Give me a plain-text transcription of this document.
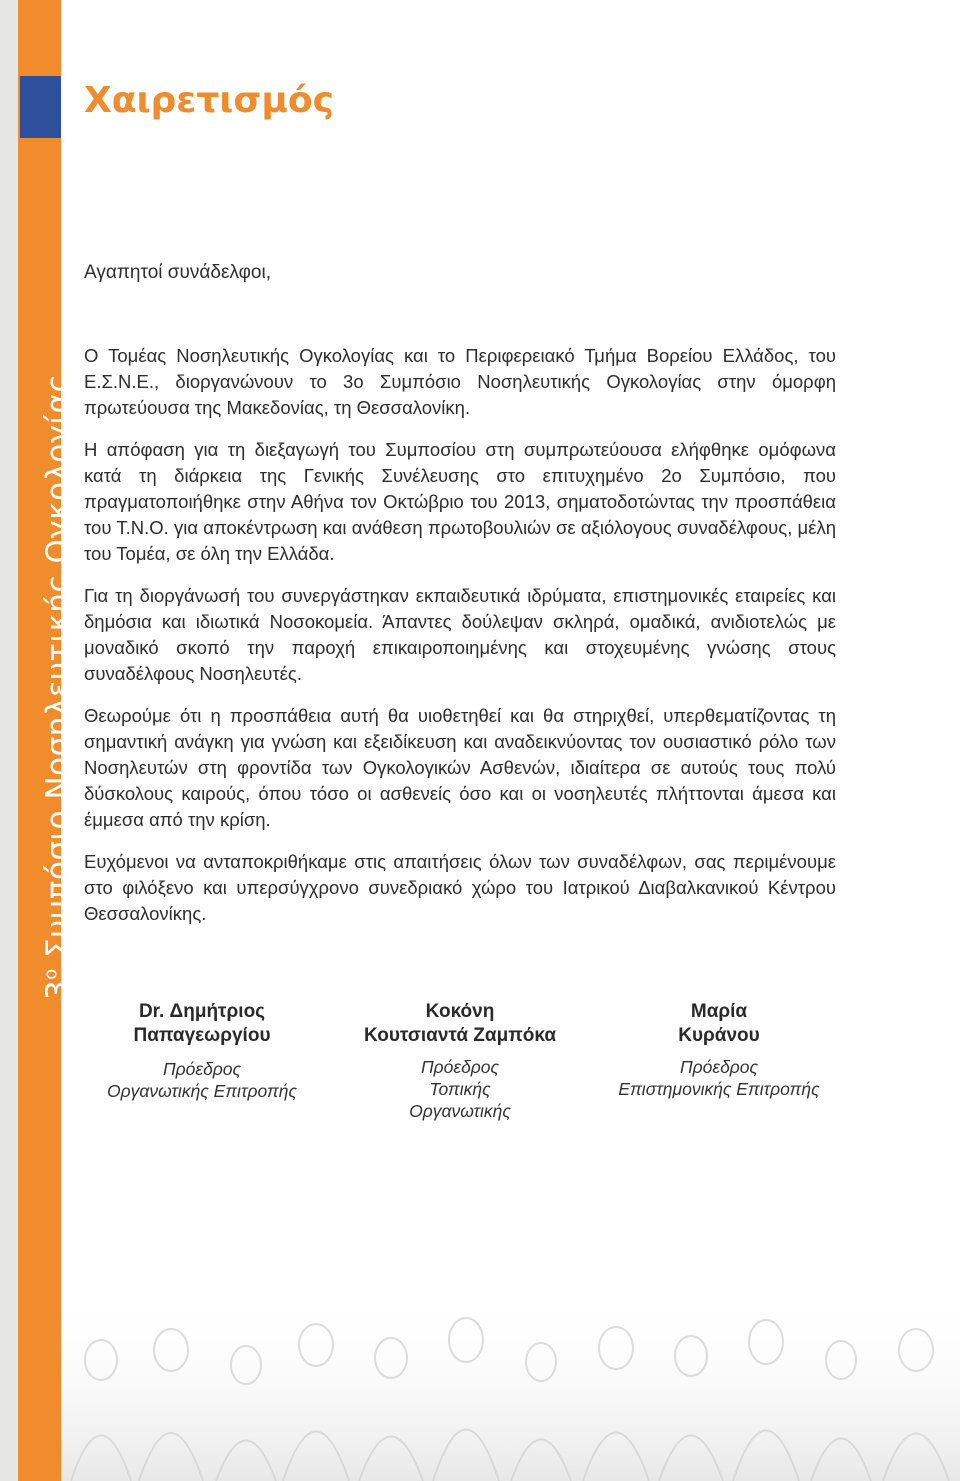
$3^o$ Συμπόσιο Νοσηλευτικής Ογκολογίας
Χαιρετισμός

Αγαπητοί συνάδελφοι,

Ο Τομέας Νοσηλευτικής Ογκολογίας και το Περιφερειακό Τμήμα Βορείου Ελλάδος, του Ε.Σ.Ν.Ε., διοργανώνουν το 3ο Συμπόσιο Νοσηλευτικής Ογκολογίας στην όμορφη πρωτεύουσα της Μακεδονίας, τη Θεσσαλονίκη.

Η απόφαση για τη διεξαγωγή του Συμποσίου στη συμπρωτεύουσα ελήφθηκε ομόφωνα κατά τη διάρκεια της Γενικής Συνέλευσης στο επιτυχημένο 2ο Συμπόσιο, που πραγματοποιήθηκε στην Αθήνα τον Οκτώβριο του 2013, σηματοδοτώντας την προσπάθεια του Τ.Ν.Ο. για αποκέντρωση και ανάθεση πρωτοβουλιών σε αξιόλογους συναδέλφους, μέλη του Τομέα, σε όλη την Ελλάδα.

Για τη διοργάνωσή του συνεργάστηκαν εκπαιδευτικά ιδρύματα, επιστημονικές εταιρείες και δημόσια και ιδιωτικά Νοσοκομεία. Άπαντες δούλεψαν σκληρά, ομαδικά, ανιδιοτελώς με μοναδικό σκοπό την παροχή επικαιροποιημένης και στοχευμένης γνώσης στους συναδέλφους Νοσηλευτές.

Θεωρούμε ότι η προσπάθεια αυτή θα υιοθετηθεί και θα στηριχθεί, υπερθεματίζοντας τη σημαντική ανάγκη για γνώση και εξειδίκευση και αναδεικνύοντας τον ουσιαστικό ρόλο των Νοσηλευτών στη φροντίδα των Ογκολογικών Ασθενών, ιδιαίτερα σε αυτούς τους πολύ δύσκολους καιρούς, όπου τόσο οι ασθενείς όσο και οι νοσηλευτές πλήττονται άμεσα και έμμεσα από την κρίση.

Ευχόμενοι να ανταποκριθήκαμε στις απαιτήσεις όλων των συναδέλφων, σας περιμένουμε στο φιλόξενο και υπερσύγχρονο συνεδριακό χώρο του Ιατρικού Διαβαλκανικού Κέντρου Θεσσαλονίκης.

Dr. Δημήτριος
Παπαγεωργίου
Πρόεδρος
Οργανωτικής Επιτροπής
Κοκόνη
Κουτσιαντά Ζαμπόκα
Πρόεδρος
Τοπικής
Οργανωτικής
Μαρία
Κυράνου
Πρόεδρος
Επιστημονικής Επιτροπής
